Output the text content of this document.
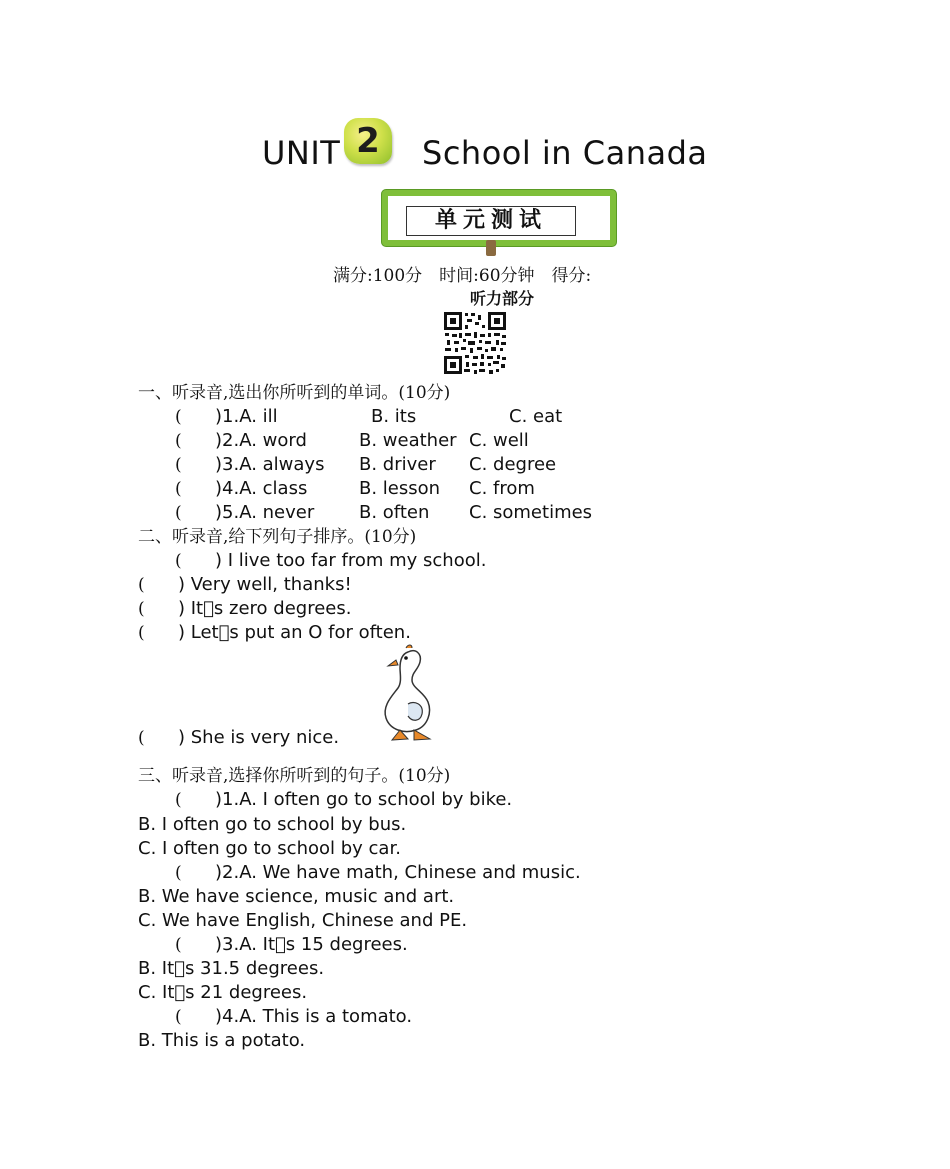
UNIT 2	School in Canada
单元测试
满分:100分　时间:60分钟　得分:
听力部分
一、听录音,选出你所听到的单词。(10分)
( )1.A. ill	B. its	C. eat
( )2.A. word	B. weather C. well
( )3.A. always B. driver C. degree
( )4.A. class	B. lesson C. from
( )5.A. never B. often C. sometimes
二、听录音,给下列句子排序。(10分)
( ) I live too far from my school.
( ) Very well, thanks!
( ) It s zero degrees.
( ) Let s put an O for often.
( ) She is very nice.
三、听录音,选择你所听到的句子。(10分)
( )1.A. I often go to school by bike.
B. I often go to school by bus.
C. I often go to school by car.
( )2.A. We have math, Chinese and music.
B. We have science, music and art.
C. We have English, Chinese and PE.
( )3.A. It s 15 degrees.
B. It s 31.5 degrees.
C. It s 21 degrees.
( )4.A. This is a tomato.
B. This is a potato.
